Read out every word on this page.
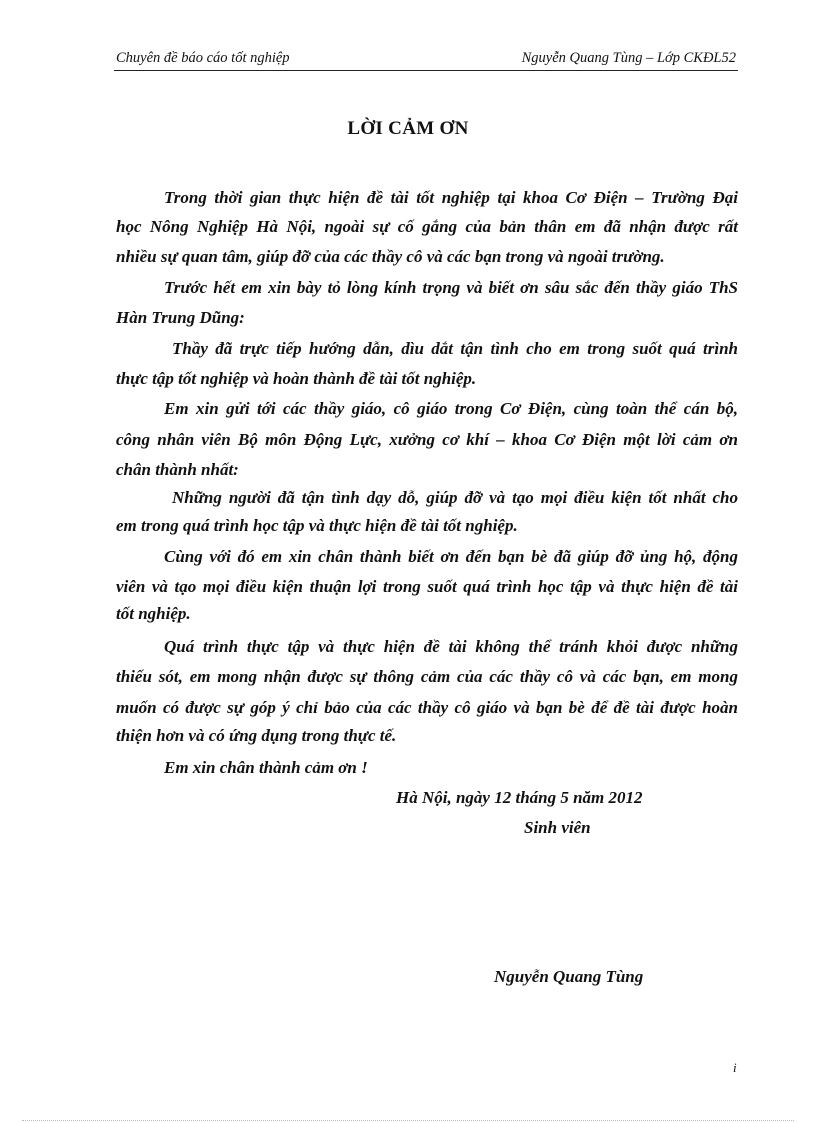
Chuyên đề báo cáo tốt nghiệp	Nguyễn Quang Tùng – Lớp CKĐL52
LỜI CẢM ƠN
Trong thời gian thực hiện đề tài tốt nghiệp tại khoa Cơ Điện – Trường Đại
học Nông Nghiệp Hà Nội, ngoài sự cố gắng của bản thân em đã nhận được rất
nhiều sự quan tâm, giúp đỡ của các thầy cô và các bạn trong và ngoài trường.
Trước hết em xin bày tỏ lòng kính trọng và biết ơn sâu sắc đến thầy giáo ThS
Hàn Trung Dũng:
Thầy đã trực tiếp hướng dẫn, dìu dắt tận tình cho em trong suốt quá trình
thực tập tốt nghiệp và hoàn thành đề tài tốt nghiệp.
Em xin gửi tới các thầy giáo, cô giáo trong Cơ Điện, cùng toàn thể cán bộ,
công nhân viên Bộ môn Động Lực, xưởng cơ khí – khoa Cơ Điện một lời cảm ơn
chân thành nhất:
Những người đã tận tình dạy dỗ, giúp đỡ và tạo mọi điều kiện tốt nhất cho
em trong quá trình học tập và thực hiện đề tài tốt nghiệp.
Cùng với đó em xin chân thành biết ơn đến bạn bè đã giúp đỡ ủng hộ, động
viên và tạo mọi điều kiện thuận lợi trong suốt quá trình học tập và thực hiện đề tài
tốt nghiệp.
Quá trình thực tập và thực hiện đề tài không thể tránh khỏi được những
thiếu sót, em mong nhận được sự thông cảm của các thầy cô và các bạn, em mong
muốn có được sự góp ý chỉ bảo của các thầy cô giáo và bạn bè để đề tài được hoàn
thiện hơn và có ứng dụng trong thực tế.
Em xin chân thành cảm ơn !
Hà Nội, ngày 12 tháng 5 năm 2012
Sinh viên
Nguyễn Quang Tùng
i
